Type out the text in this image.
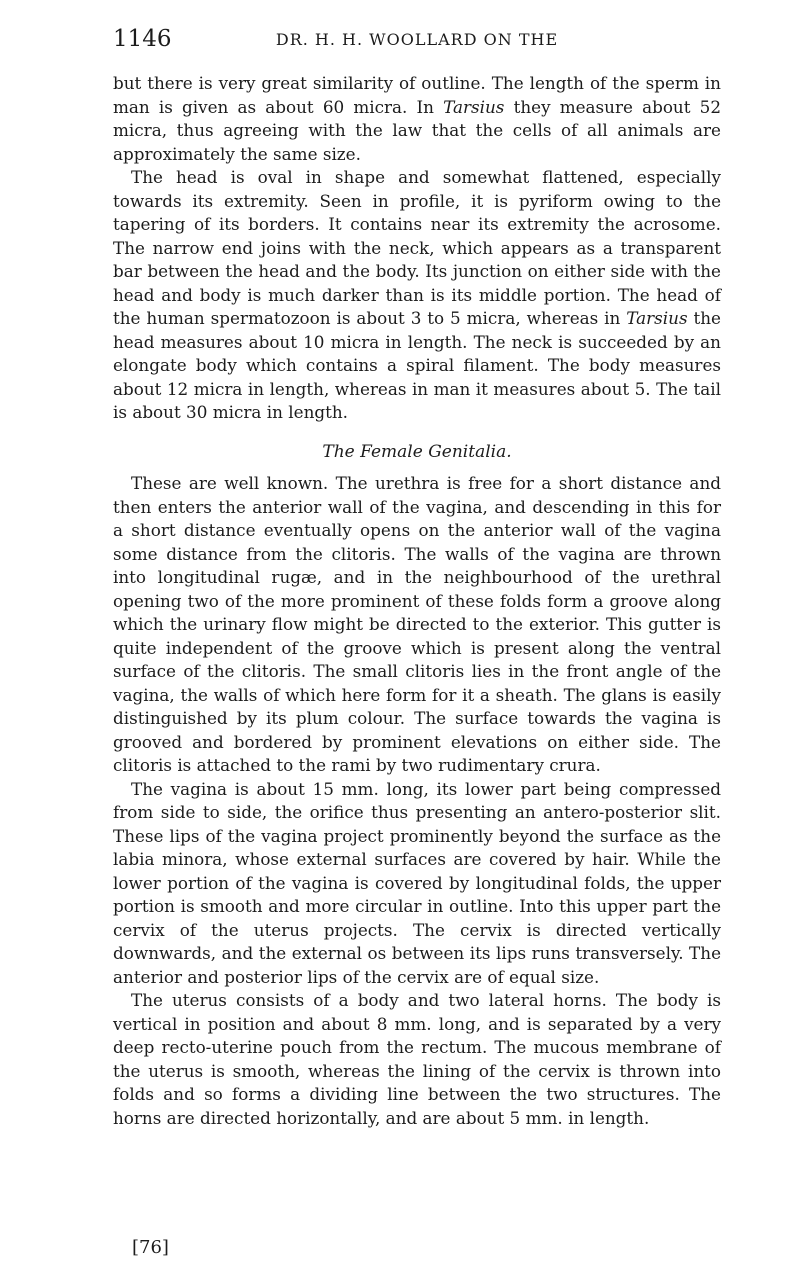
1146	DR. H. H. WOOLLARD ON THE

but there is very great similarity of outline. The length of the sperm in man is given as about 60 micra. In Tarsius they measure about 52 micra, thus agreeing with the law that the cells of all animals are approximately the same size.

The head is oval in shape and somewhat flattened, especially towards its extremity. Seen in profile, it is pyriform owing to the tapering of its borders. It contains near its extremity the acrosome. The narrow end joins with the neck, which appears as a transparent bar between the head and the body. Its junction on either side with the head and body is much darker than is its middle portion. The head of the human spermatozoon is about 3 to 5 micra, whereas in Tarsius the head measures about 10 micra in length. The neck is succeeded by an elongate body which contains a spiral filament. The body measures about 12 micra in length, whereas in man it measures about 5. The tail is about 30 micra in length.

The Female Genitalia.

These are well known. The urethra is free for a short distance and then enters the anterior wall of the vagina, and descending in this for a short distance eventually opens on the anterior wall of the vagina some distance from the clitoris. The walls of the vagina are thrown into longitudinal rugæ, and in the neighbourhood of the urethral opening two of the more prominent of these folds form a groove along which the urinary flow might be directed to the exterior. This gutter is quite independent of the groove which is present along the ventral surface of the clitoris. The small clitoris lies in the front angle of the vagina, the walls of which here form for it a sheath. The glans is easily distinguished by its plum colour. The surface towards the vagina is grooved and bordered by prominent elevations on either side. The clitoris is attached to the rami by two rudimentary crura.

The vagina is about 15 mm. long, its lower part being compressed from side to side, the orifice thus presenting an antero-posterior slit. These lips of the vagina project prominently beyond the surface as the labia minora, whose external surfaces are covered by hair. While the lower portion of the vagina is covered by longitudinal folds, the upper portion is smooth and more circular in outline. Into this upper part the cervix of the uterus projects. The cervix is directed vertically downwards, and the external os between its lips runs transversely. The anterior and posterior lips of the cervix are of equal size.

The uterus consists of a body and two lateral horns. The body is vertical in position and about 8 mm. long, and is separated by a very deep recto-uterine pouch from the rectum. The mucous membrane of the uterus is smooth, whereas the lining of the cervix is thrown into folds and so forms a dividing line between the two structures. The horns are directed horizontally, and are about 5 mm. in length.

[76]
